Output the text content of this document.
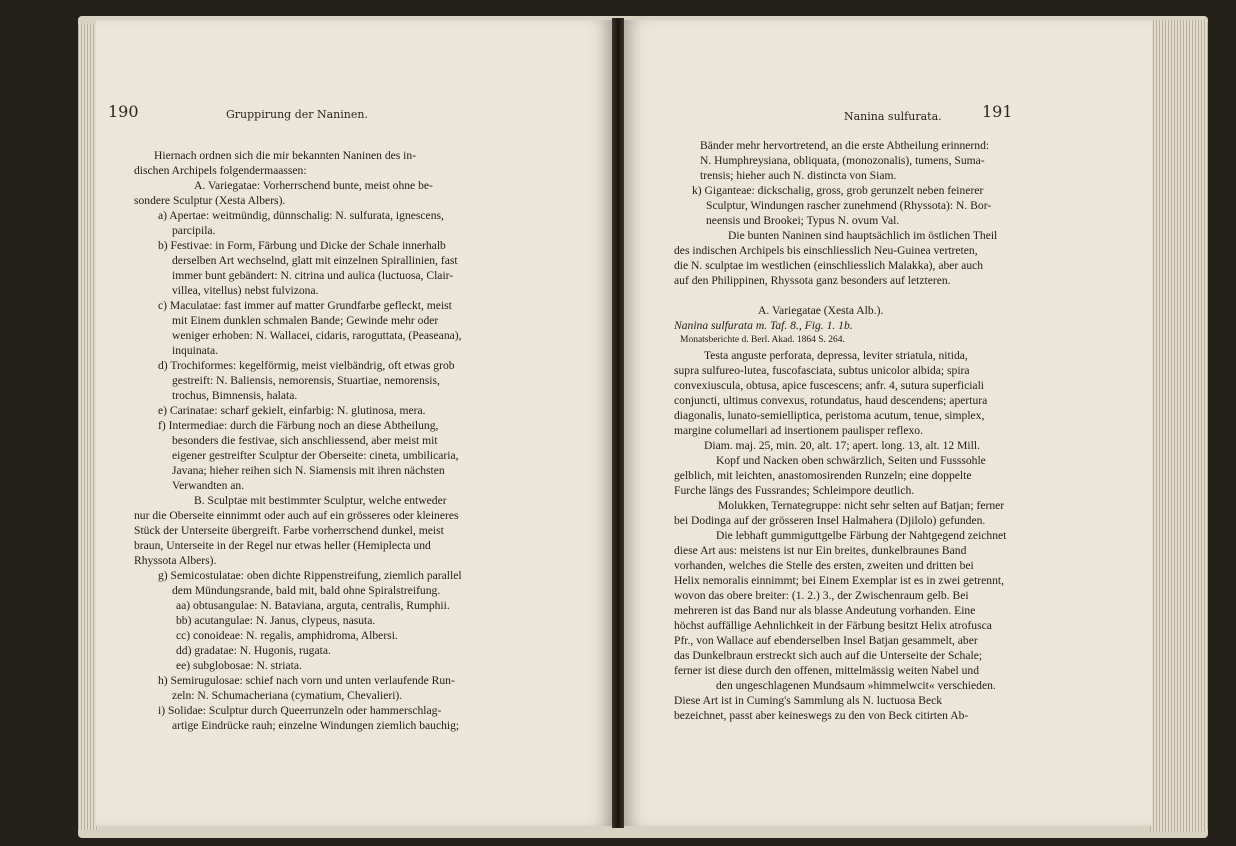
190	Gruppirung der Naninen.
Hiernach ordnen sich die mir bekannten Naninen des in-
dischen Archipels folgendermaassen:
A. Variegatae: Vorherrschend bunte, meist ohne be-
sondere Sculptur (Xesta Albers).
a) Apertae: weitmündig, dünnschalig: N. sulfurata, ignescens,
parcipila.
b) Festivae: in Form, Färbung und Dicke der Schale innerhalb
derselben Art wechselnd, glatt mit einzelnen Spirallinien, fast
immer bunt gebändert: N. citrina und aulica (luctuosa, Clair-
villea, vitellus) nebst fulvizona.
c) Maculatae: fast immer auf matter Grundfarbe gefleckt, meist
mit Einem dunklen schmalen Bande; Gewinde mehr oder
weniger erhoben: N. Wallacei, cidaris, raroguttata, (Peaseana),
inquinata.
d) Trochiformes: kegelförmig, meist vielbändrig, oft etwas grob
gestreift: N. Baliensis, nemorensis, Stuartiae, nemorensis,
trochus, Bimnensis, halata.
e) Carinatae: scharf gekielt, einfarbig: N. glutinosa, mera.
f) Intermediae: durch die Färbung noch an diese Abtheilung,
besonders die festivae, sich anschliessend, aber meist mit
eigener gestreifter Sculptur der Oberseite: cineta, umbilicaria,
Javana; hieher reihen sich N. Siamensis mit ihren nächsten
Verwandten an.
B. Sculptae mit bestimmter Sculptur, welche entweder
nur die Oberseite einnimmt oder auch auf ein grösseres oder kleineres
Stück der Unterseite übergreift. Farbe vorherrschend dunkel, meist
braun, Unterseite in der Regel nur etwas heller (Hemiplecta und
Rhyssota Albers).
g) Semicostulatae: oben dichte Rippenstreifung, ziemlich parallel
dem Mündungsrande, bald mit, bald ohne Spiralstreifung.
aa) obtusangulae: N. Bataviana, arguta, centralis, Rumphii.
bb) acutangulae: N. Janus, clypeus, nasuta.
cc) conoideae: N. regalis, amphidroma, Albersi.
dd) gradatae: N. Hugonis, rugata.
ee) subglobosae: N. striata.
h) Semirugulosae: schief nach vorn und unten verlaufende Run-
zeln: N. Schumacheriana (cymatium, Chevalieri).
i) Solidae: Sculptur durch Queerrunzeln oder hammerschlag-
artige Eindrücke rauh; einzelne Windungen ziemlich bauchig;
Nanina sulfurata.	191
Bänder mehr hervortretend, an die erste Abtheilung erinnernd:
N. Humphreysiana, obliquata, (monozonalis), tumens, Suma-
trensis; hieher auch N. distincta von Siam.
k) Giganteae: dickschalig, gross, grob gerunzelt neben feinerer
Sculptur, Windungen rascher zunehmend (Rhyssota): N. Bor-
neensis und Brookei; Typus N. ovum Val.
Die bunten Naninen sind hauptsächlich im östlichen Theil
des indischen Archipels bis einschliesslich Neu-Guinea vertreten,
die N. sculptae im westlichen (einschliesslich Malakka), aber auch
auf den Philippinen, Rhyssota ganz besonders auf letzteren.
A. Variegatae (Xesta Alb.).
Nanina sulfurata m. Taf. 8., Fig. 1. 1b.
Monatsberichte d. Berl. Akad. 1864 S. 264.
Testa anguste perforata, depressa, leviter striatula, nitida,
supra sulfureo-lutea, fuscofasciata, subtus unicolor albida; spira
convexiuscula, obtusa, apice fuscescens; anfr. 4, sutura superficiali
conjuncti, ultimus convexus, rotundatus, haud descendens; apertura
diagonalis, lunato-semielliptica, peristoma acutum, tenue, simplex,
margine columellari ad insertionem paulisper reflexo.
Diam. maj. 25, min. 20, alt. 17; apert. long. 13, alt. 12 Mill.
Kopf und Nacken oben schwärzlich, Seiten und Fusssohle
gelblich, mit leichten, anastomosirenden Runzeln; eine doppelte
Furche längs des Fussrandes; Schleimpore deutlich.
Molukken, Ternategruppe: nicht sehr selten auf Batjan; ferner
bei Dodinga auf der grösseren Insel Halmahera (Djilolo) gefunden.
Die lebhaft gummiguttgelbe Färbung der Nahtgegend zeichnet
diese Art aus: meistens ist nur Ein breites, dunkelbraunes Band
vorhanden, welches die Stelle des ersten, zweiten und dritten bei
Helix nemoralis einnimmt; bei Einem Exemplar ist es in zwei getrennt,
wovon das obere breiter: (1. 2.) 3., der Zwischenraum gelb. Bei
mehreren ist das Band nur als blasse Andeutung vorhanden. Eine
höchst auffällige Aehnlichkeit in der Färbung besitzt Helix atrofusca
Pfr., von Wallace auf ebenderselben Insel Batjan gesammelt, aber
das Dunkelbraun erstreckt sich auch auf die Unterseite der Schale;
ferner ist diese durch den offenen, mittelmässig weiten Nabel und
den ungeschlagenen Mundsaum »himmelwcit« verschieden.
Diese Art ist in Cuming's Sammlung als N. luctuosa Beck
bezeichnet, passt aber keineswegs zu den von Beck citirten Ab-
